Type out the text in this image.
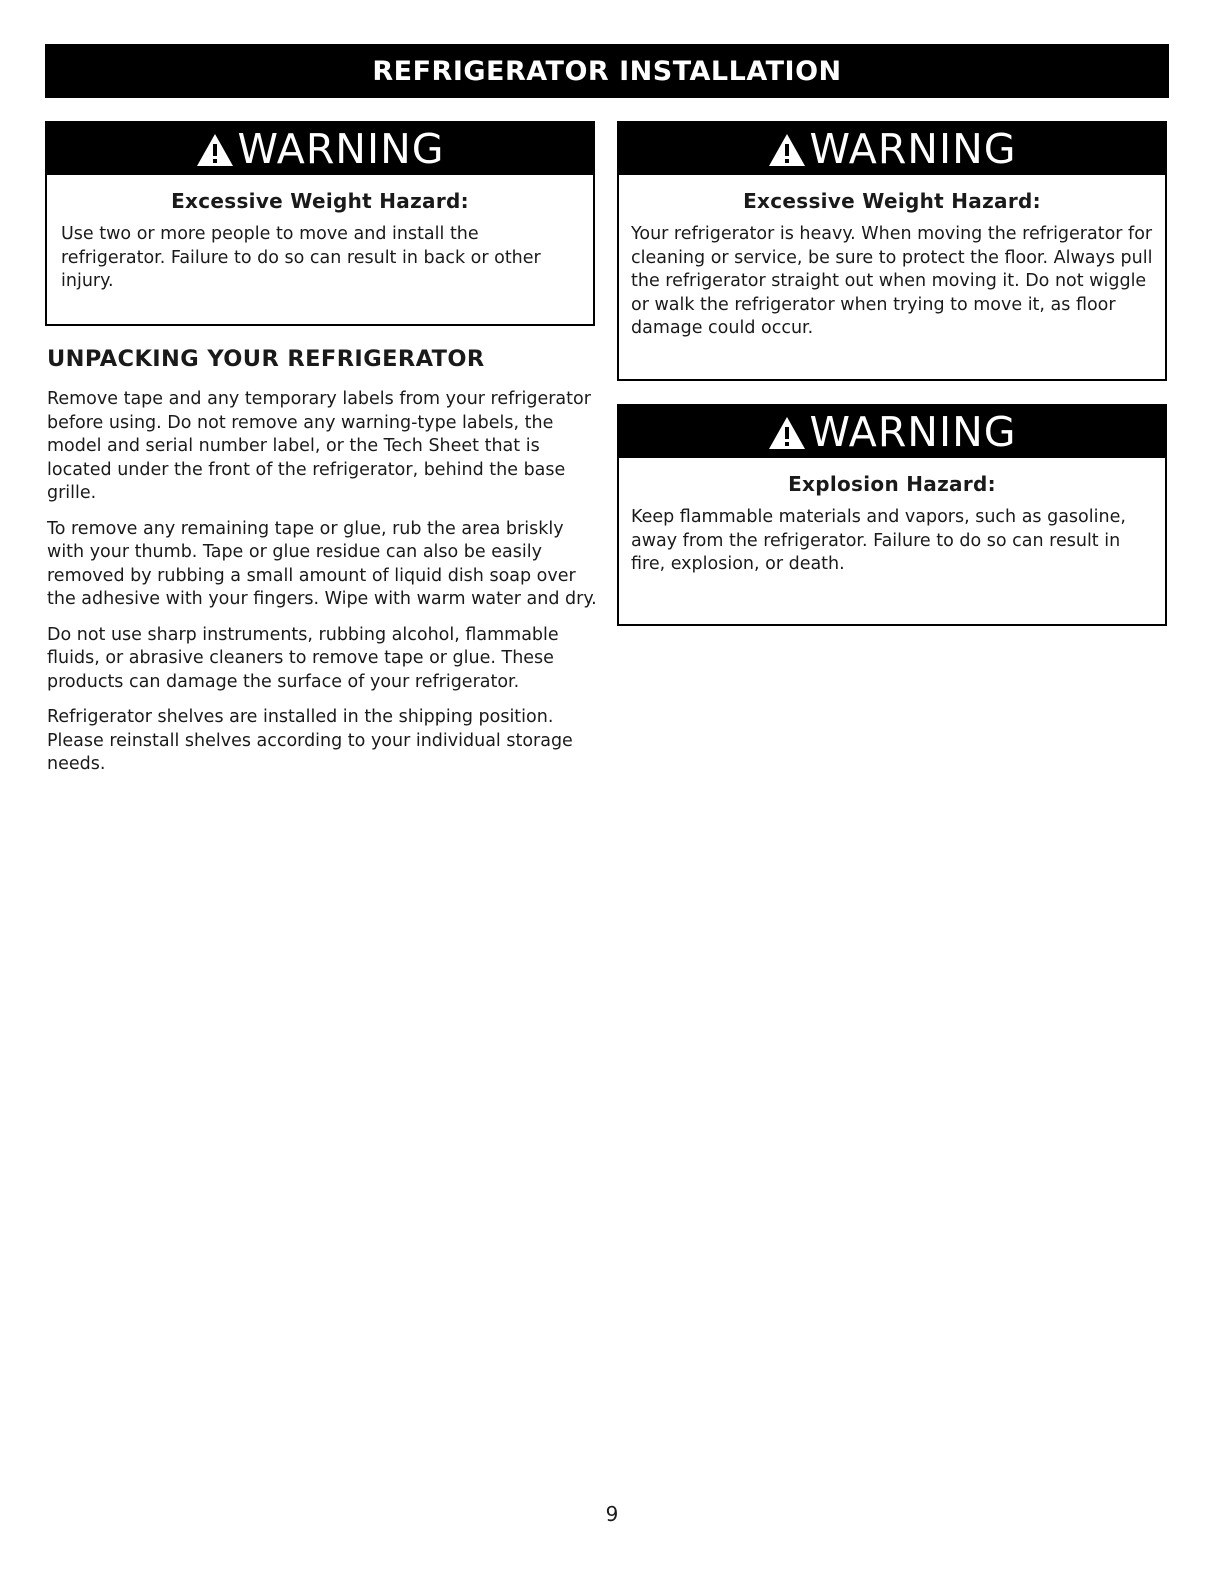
REFRIGERATOR INSTALLATION
WARNING
Excessive Weight Hazard:
Use two or more people to move and install the refrigerator. Failure to do so can result in back or other injury.
WARNING
Excessive Weight Hazard:
Your refrigerator is heavy. When moving the refrigerator for cleaning or service, be sure to protect the floor. Always pull the refrigerator straight out when moving it. Do not wiggle or walk the refrigerator when trying to move it, as floor damage could occur.
WARNING
Explosion Hazard:
Keep flammable materials and vapors, such as gasoline, away from the refrigerator. Failure to do so can result in fire, explosion, or death.
UNPACKING YOUR REFRIGERATOR

Remove tape and any temporary labels from your refrigerator before using. Do not remove any warning-type labels, the model and serial number label, or the Tech Sheet that is located under the front of the refrigerator, behind the base grille.

To remove any remaining tape or glue, rub the area briskly with your thumb. Tape or glue residue can also be easily removed by rubbing a small amount of liquid dish soap over the adhesive with your fingers. Wipe with warm water and dry.

Do not use sharp instruments, rubbing alcohol, flammable fluids, or abrasive cleaners to remove tape or glue. These products can damage the surface of your refrigerator.

Refrigerator shelves are installed in the shipping position. Please reinstall shelves according to your individual storage needs.

9
